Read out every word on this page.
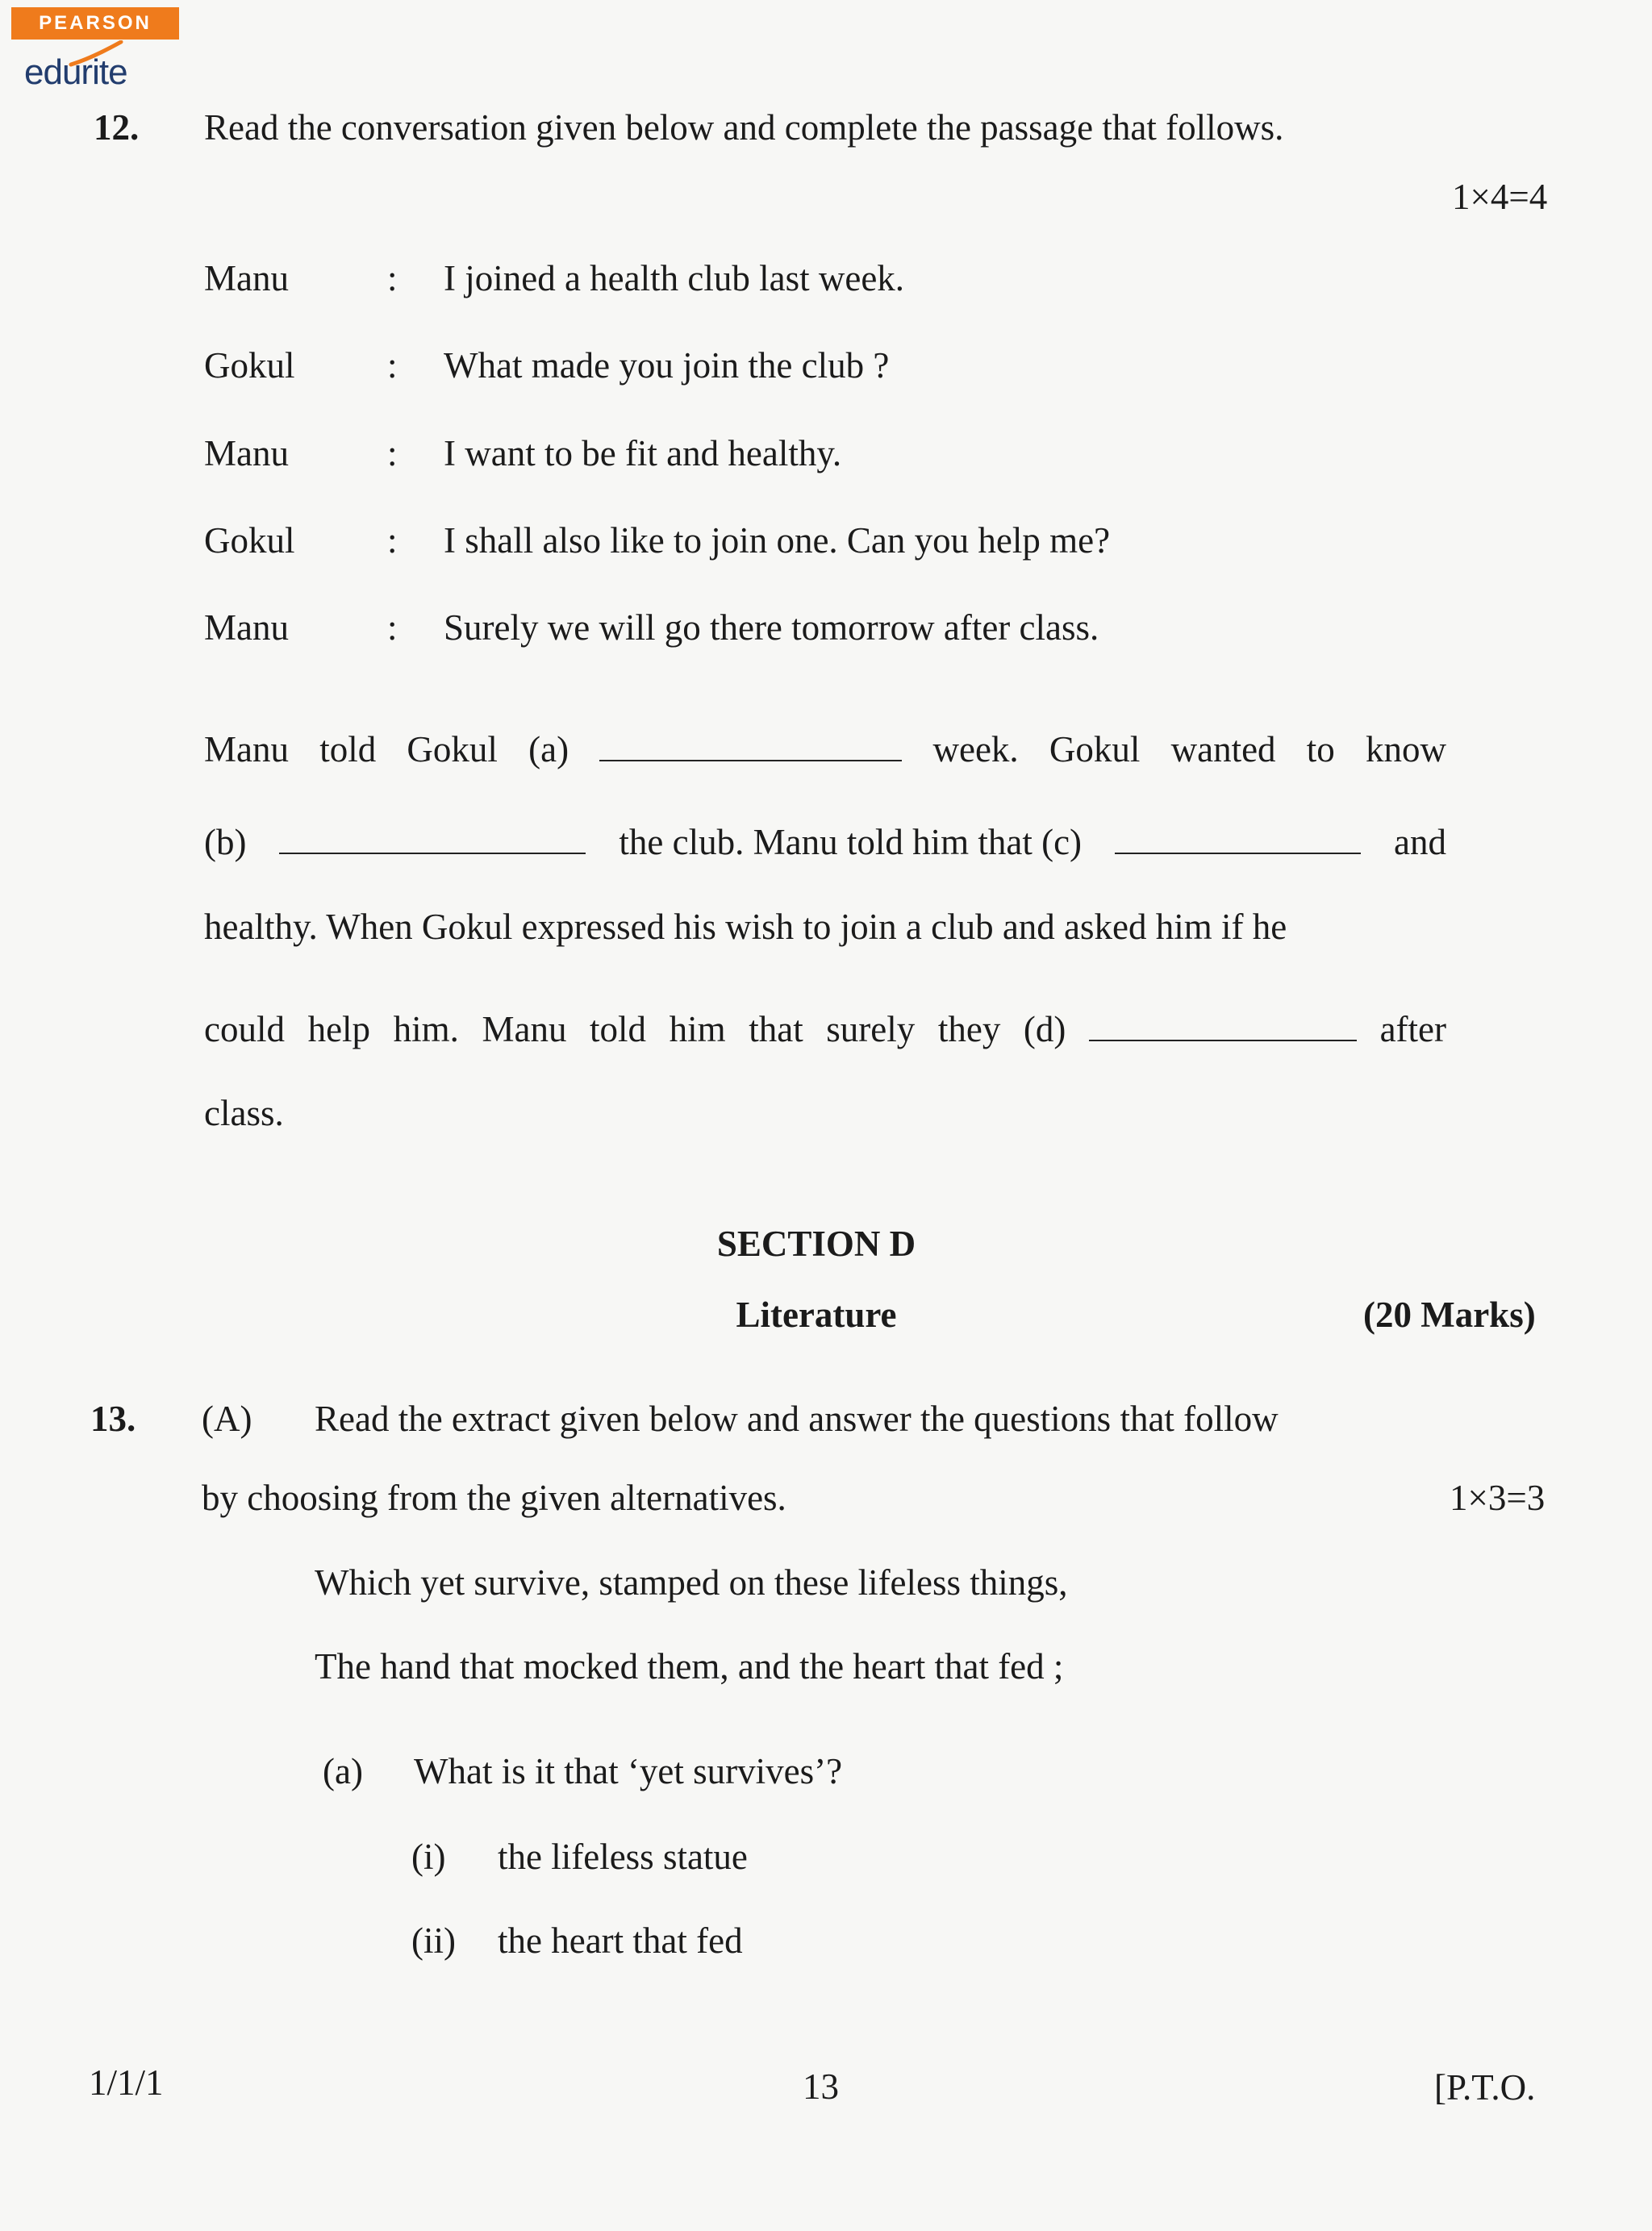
PEARSON
edurite
12. Read the conversation given below and complete the passage that follows.
1×4=4
Manu	: I joined a health club last week.
Gokul	: What made you join the club ?
Manu	: I want to be fit and healthy.
Gokul	: I shall also like to join one. Can you help me?
Manu	: Surely we will go there tomorrow after class.
Manu told Gokul (a)	week. Gokul wanted to know
(b)	the club. Manu told him that (c)	and
healthy. When Gokul expressed his wish to join a club and asked him if he
could help him. Manu told him that surely they (d)	after
class.
SECTION D
Literature	(20 Marks)
13. (A) Read the extract given below and answer the questions that follow
by choosing from the given alternatives.	1×3=3
Which yet survive, stamped on these lifeless things,
The hand that mocked them, and the heart that fed ;
(a) What is it that ‘yet survives’?
(i) the lifeless statue
(ii) the heart that fed
1/1/1	13	[P.T.O.
